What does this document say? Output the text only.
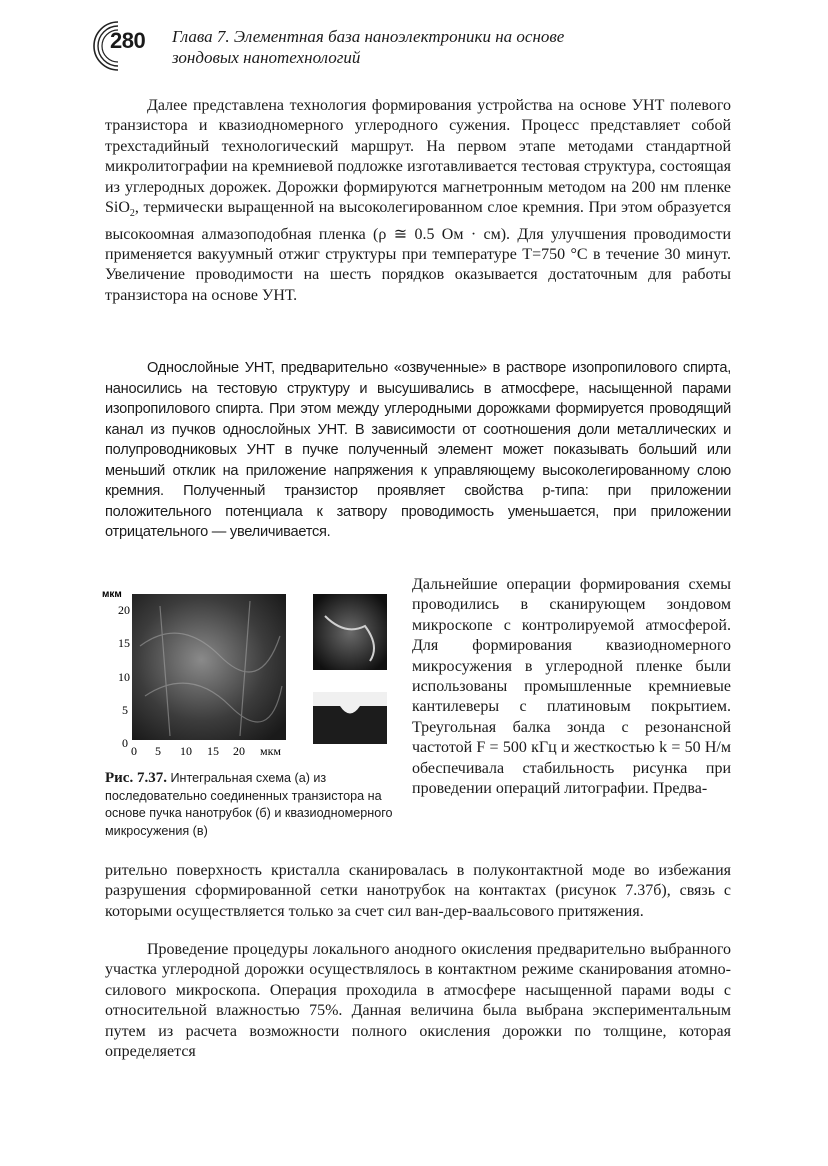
280 Глава 7. Элементная база наноэлектроники на основе
зондовых нанотехнологий

Далее представлена технология формирования устройства на основе УНТ полевого транзистора и квазиодномерного углеродного сужения. Процесс представляет собой трехстадийный технологический маршрут. На первом этапе методами стандартной микролитографии на кремниевой подложке изготавливается тестовая структура, состоящая из углеродных дорожек. Дорожки формируются магнетронным методом на 200 нм пленке SiO$_2$, термически выращенной на высоколегированном слое кремния. При этом образуется высокоомная алмазоподобная пленка (ρ ≅ 0.5 Ом · см). Для улучшения проводимости применяется вакуумный отжиг структуры при температуре T=750 °C в течение 30 минут. Увеличение проводимости на шесть порядков оказывается достаточным для работы транзистора на основе УНТ.

Однослойные УНТ, предварительно «озвученные» в растворе изопропилового спирта, наносились на тестовую структуру и высушивались в атмосфере, насыщенной парами изопропилового спирта. При этом между углеродными дорожками формируется проводящий канал из пучков однослойных УНТ. В зависимости от соотношения доли металлических и полупроводниковых УНТ в пучке полученный элемент может показывать больший или меньший отклик на приложение напряжения к управляющему высоколегированному слою кремния. Полученный транзистор проявляет свойства p-типа: при приложении положительного потенциала к затвору проводимость уменьшается, при приложении отрицательного — увеличивается.

мкм
20
15
10
5
0
0 5 10 15 20 мкм
Рис. 7.37. Интегральная схема (а) из последовательно соединенных транзистора на основе пучка нанотрубок (б) и квазиодномерного микросужения (в)

Дальнейшие операции формирования схемы проводились в сканирующем зондовом микроскопе с контролируемой атмосферой. Для формирования квазиодномерного микросужения в углеродной пленке были использованы промышленные кремниевые кантилеверы с платиновым покрытием. Треугольная балка зонда с резонансной частотой F = 500 кГц и жесткостью k = 50 Н/м обеспечивала стабильность рисунка при проведении операций литографии. Предва-

рительно поверхность кристалла сканировалась в полуконтактной моде во избежания разрушения сформированной сетки нанотрубок на контактах (рисунок 7.37б), связь с которыми осуществляется только за счет сил ван-дер-ваальсового притяжения.

Проведение процедуры локального анодного окисления предварительно выбранного участка углеродной дорожки осуществлялось в контактном режиме сканирования атомно-силового микроскопа. Операция проходила в атмосфере насыщенной парами воды с относительной влажностью 75%. Данная величина была выбрана экспериментальным путем из расчета возможности полного окисления дорожки по толщине, которая определяется
